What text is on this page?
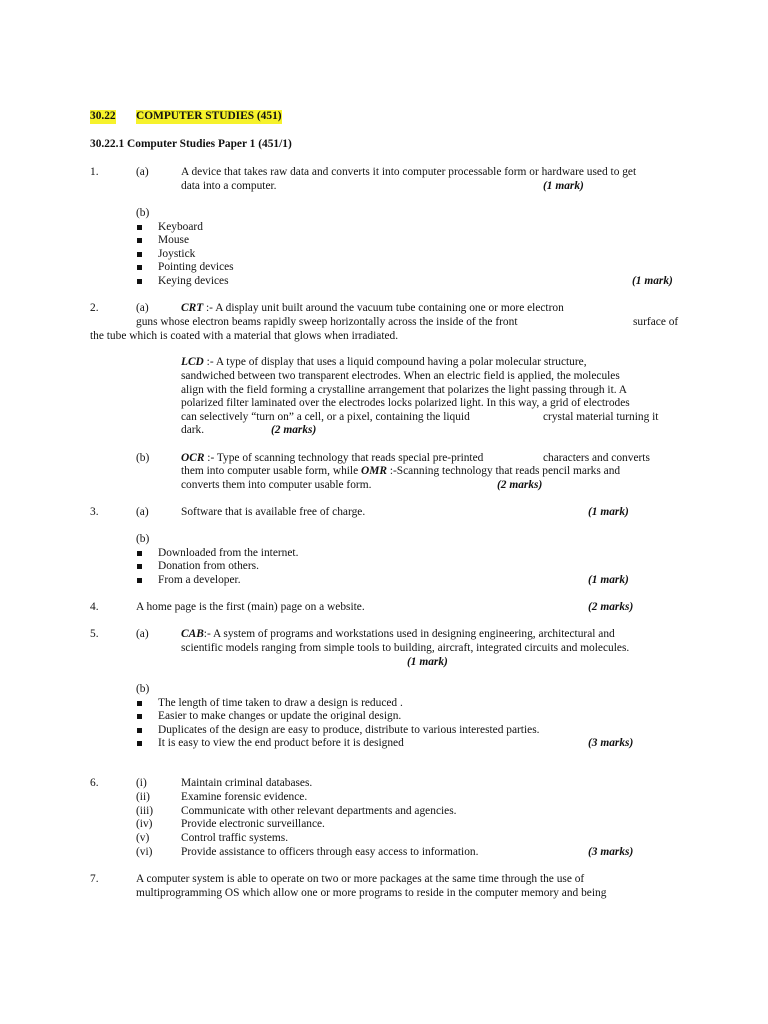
30.22 COMPUTER STUDIES (451)
30.22.1 Computer Studies Paper 1 (451/1)
1.	(a)	A device that takes raw data and converts it into computer processable form or hardware used to get
data into a computer.	(1 mark)
(b)
Keyboard
Mouse
Joystick
Pointing devices
Keying devices	(1 mark)
2.	(a)	CRT :- A display unit built around the vacuum tube containing one or more electron
guns whose electron beams rapidly sweep horizontally across the inside of the front	surface of
the tube which is coated with a material that glows when irradiated.
LCD :- A type of display that uses a liquid compound having a polar molecular structure,
sandwiched between two transparent electrodes. When an electric field is applied, the molecules
align with the field forming a crystalline arrangement that polarizes the light passing through it. A
polarized filter laminated over the electrodes locks polarized light. In this way, a grid of electrodes
can selectively “turn on” a cell, or a pixel, containing the liquid	crystal material turning it
dark.	(2 marks)
(b)	OCR :- Type of scanning technology that reads special pre-printed	characters and converts
them into computer usable form, while OMR :-Scanning technology that reads pencil marks and
converts them into computer usable form.	(2 marks)
3.	(a)	Software that is available free of charge.	(1 mark)
(b)
Downloaded from the internet.
Donation from others.
From a developer.	(1 mark)
4.	A home page is the first (main) page on a website.	(2 marks)
5.	(a)	CAB:- A system of programs and workstations used in designing engineering, architectural and
scientific models ranging from simple tools to building, aircraft, integrated circuits and molecules.
(1 mark)
(b)
The length of time taken to draw a design is reduced .
Easier to make changes or update the original design.
Duplicates of the design are easy to produce, distribute to various interested parties.
It is easy to view the end product before it is designed	(3 marks)
6.	(i)	Maintain criminal databases.
(ii)	Examine forensic evidence.
(iii) Communicate with other relevant departments and agencies.
(iv)	Provide electronic surveillance.
(v)	Control traffic systems.
(vi)	Provide assistance to officers through easy access to information.	(3 marks)
7.	A computer system is able to operate on two or more packages at the same time through the use of
multiprogramming OS which allow one or more programs to reside in the computer memory and being
